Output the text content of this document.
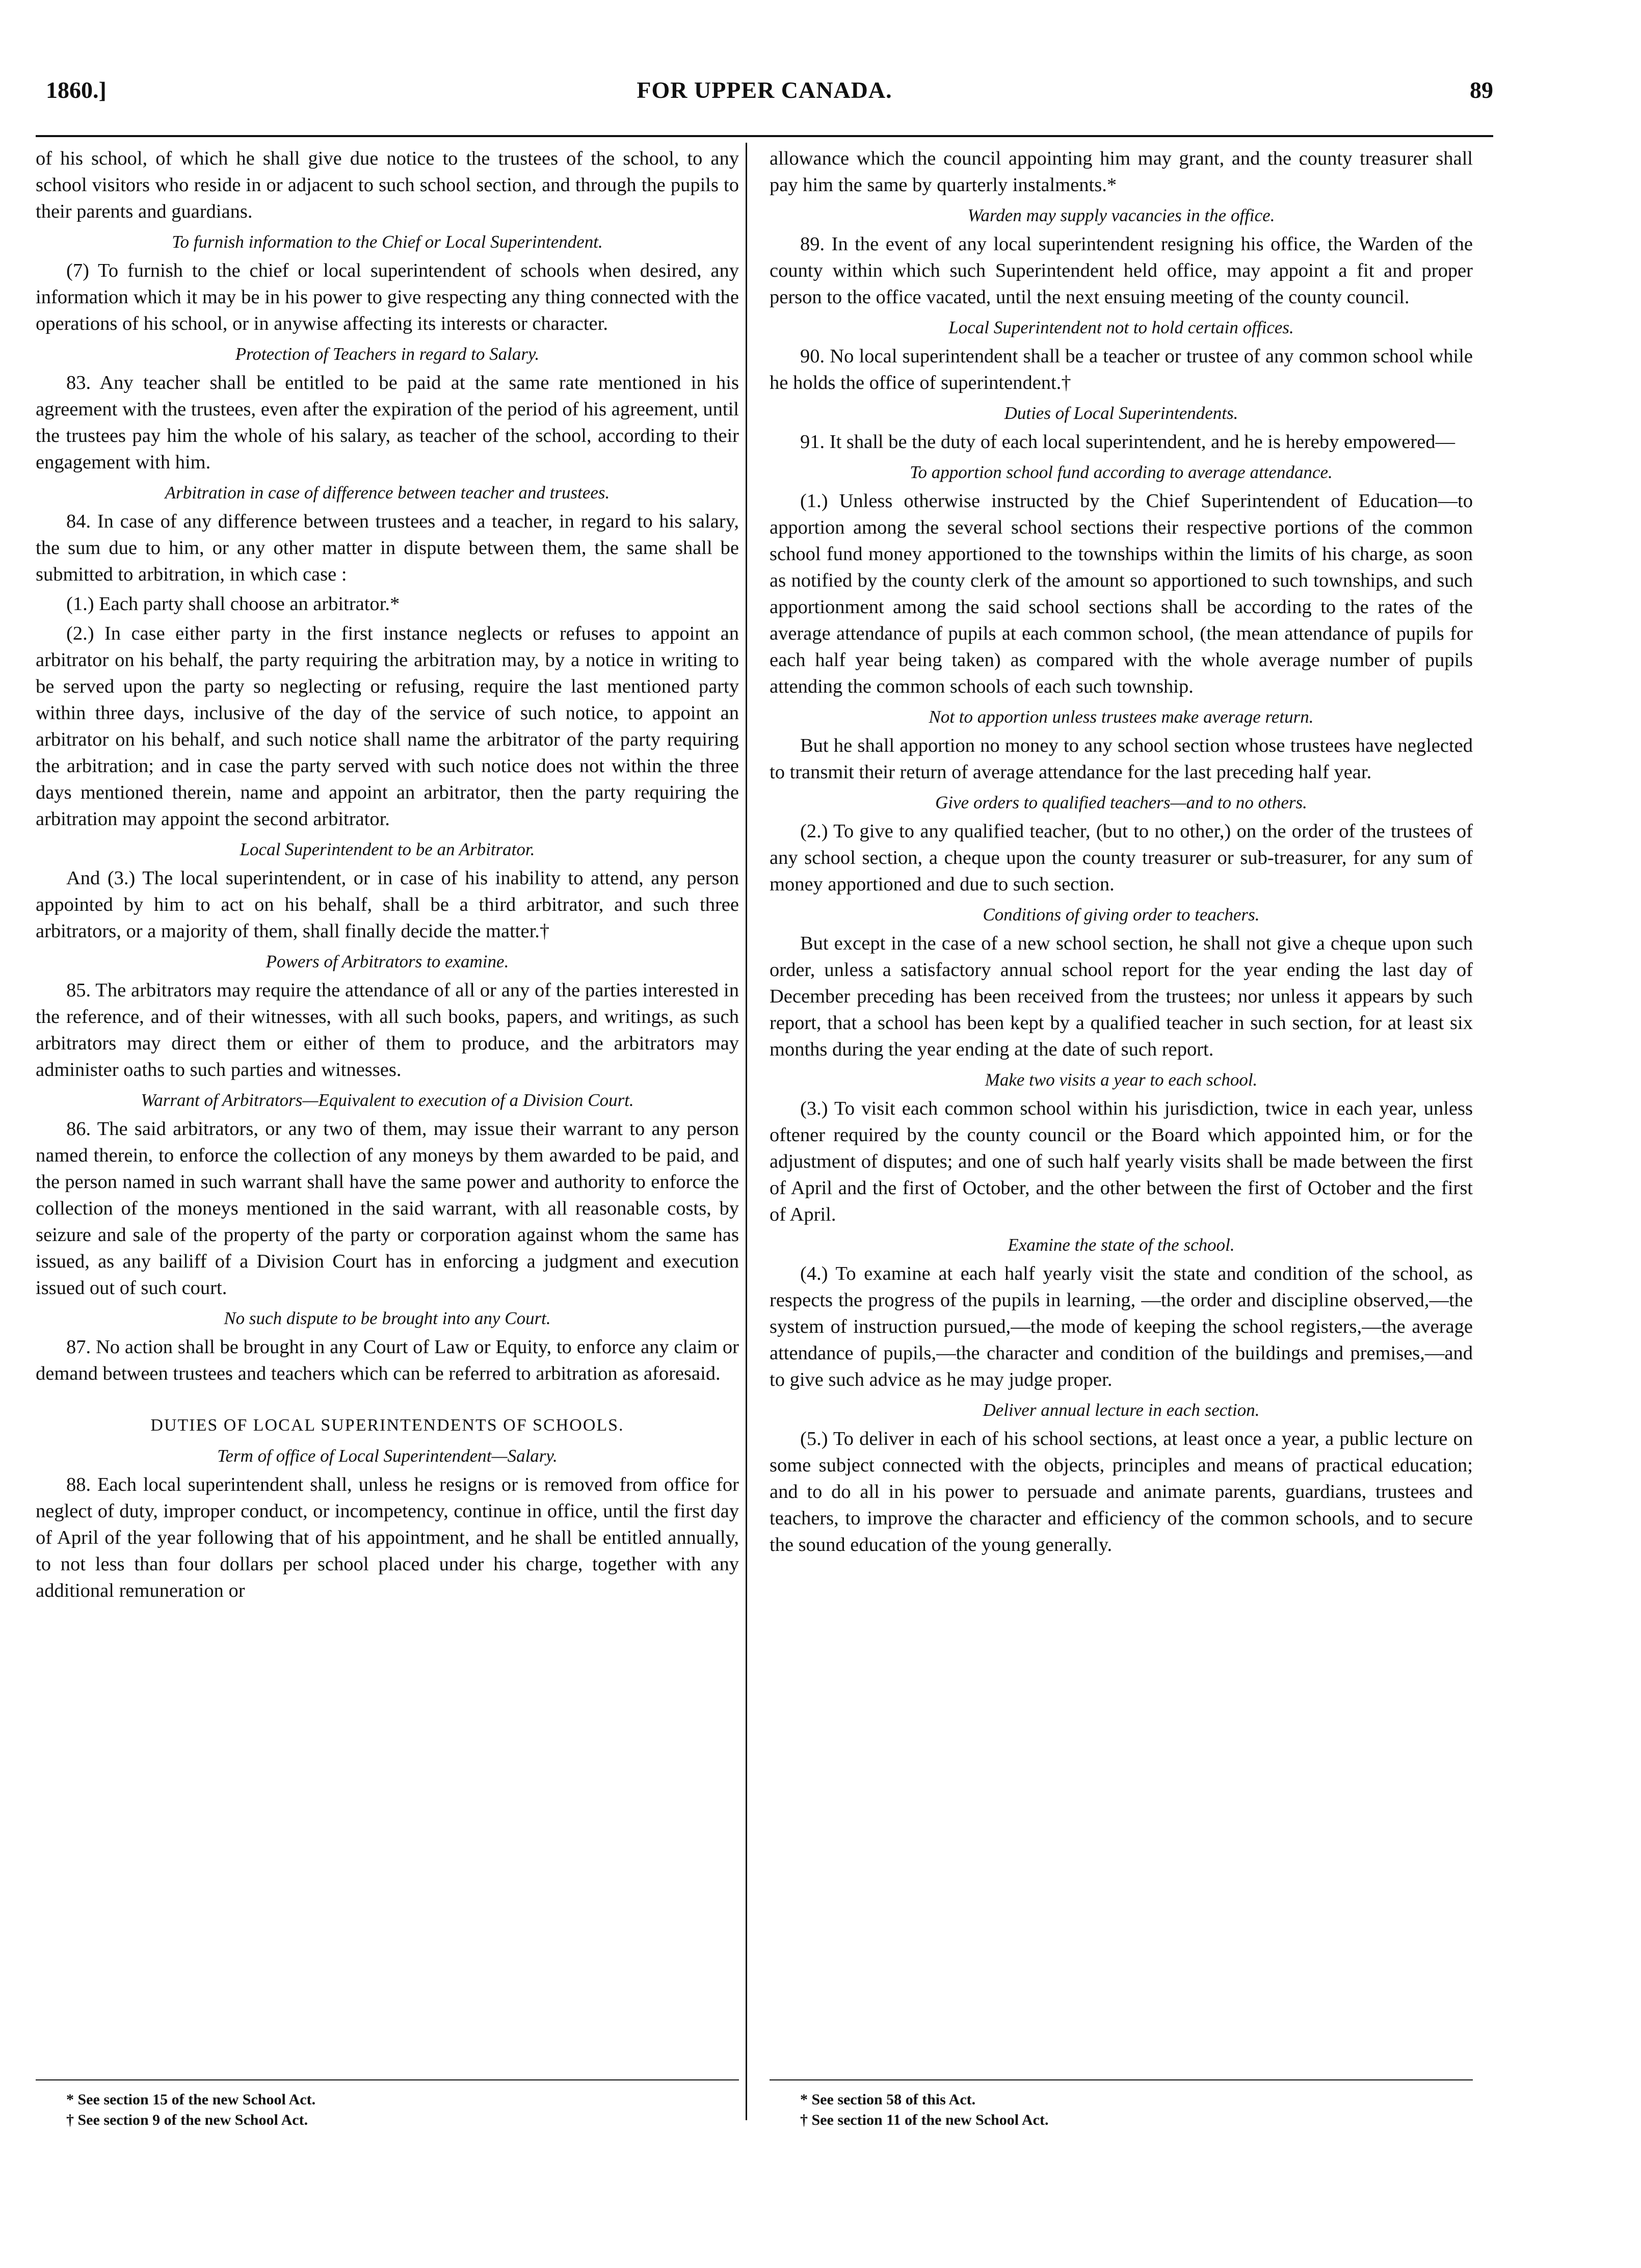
1860.]	FOR UPPER CANADA.	89

of his school, of which he shall give due notice to the trustees of the school, to any school visitors who reside in or adjacent to such school section, and through the pupils to their parents and guardians.

To furnish information to the Chief or Local Superintendent.

(7) To furnish to the chief or local superintendent of schools when desired, any information which it may be in his power to give respecting any thing connected with the operations of his school, or in anywise affecting its interests or character.

Protection of Teachers in regard to Salary.

83. Any teacher shall be entitled to be paid at the same rate mentioned in his agreement with the trustees, even after the expiration of the period of his agreement, until the trustees pay him the whole of his salary, as teacher of the school, according to their engagement with him.

Arbitration in case of difference between teacher and trustees.

84. In case of any difference between trustees and a teacher, in regard to his salary, the sum due to him, or any other matter in dispute between them, the same shall be submitted to arbitration, in which case :

(1.) Each party shall choose an arbitrator.*

(2.) In case either party in the first instance neglects or refuses to appoint an arbitrator on his behalf, the party requiring the arbitration may, by a notice in writing to be served upon the party so neglecting or refusing, require the last mentioned party within three days, inclusive of the day of the service of such notice, to appoint an arbitrator on his behalf, and such notice shall name the arbitrator of the party requiring the arbitration; and in case the party served with such notice does not within the three days mentioned therein, name and appoint an arbitrator, then the party requiring the arbitration may appoint the second arbitrator.

Local Superintendent to be an Arbitrator.

And (3.) The local superintendent, or in case of his inability to attend, any person appointed by him to act on his behalf, shall be a third arbitrator, and such three arbitrators, or a majority of them, shall finally decide the matter.†

Powers of Arbitrators to examine.

85. The arbitrators may require the attendance of all or any of the parties interested in the reference, and of their witnesses, with all such books, papers, and writings, as such arbitrators may direct them or either of them to produce, and the arbitrators may administer oaths to such parties and witnesses.

Warrant of Arbitrators—Equivalent to execution of a Division Court.

86. The said arbitrators, or any two of them, may issue their warrant to any person named therein, to enforce the collection of any moneys by them awarded to be paid, and the person named in such warrant shall have the same power and authority to enforce the collection of the moneys mentioned in the said warrant, with all reasonable costs, by seizure and sale of the property of the party or corporation against whom the same has issued, as any bailiff of a Division Court has in enforcing a judgment and execution issued out of such court.

No such dispute to be brought into any Court.

87. No action shall be brought in any Court of Law or Equity, to enforce any claim or demand between trustees and teachers which can be referred to arbitration as aforesaid.

DUTIES OF LOCAL SUPERINTENDENTS OF SCHOOLS.

Term of office of Local Superintendent—Salary.

88. Each local superintendent shall, unless he resigns or is removed from office for neglect of duty, improper conduct, or incompetency, continue in office, until the first day of April of the year following that of his appointment, and he shall be entitled annually, to not less than four dollars per school placed under his charge, together with any additional remuneration or

allowance which the council appointing him may grant, and the county treasurer shall pay him the same by quarterly instalments.*

Warden may supply vacancies in the office.

89. In the event of any local superintendent resigning his office, the Warden of the county within which such Superintendent held office, may appoint a fit and proper person to the office vacated, until the next ensuing meeting of the county council.

Local Superintendent not to hold certain offices.

90. No local superintendent shall be a teacher or trustee of any common school while he holds the office of superintendent.†

Duties of Local Superintendents.

91. It shall be the duty of each local superintendent, and he is hereby empowered—

To apportion school fund according to average attendance.

(1.) Unless otherwise instructed by the Chief Superintendent of Education—to apportion among the several school sections their respective portions of the common school fund money apportioned to the townships within the limits of his charge, as soon as notified by the county clerk of the amount so apportioned to such townships, and such apportionment among the said school sections shall be according to the rates of the average attendance of pupils at each common school, (the mean attendance of pupils for each half year being taken) as compared with the whole average number of pupils attending the common schools of each such township.

Not to apportion unless trustees make average return.

But he shall apportion no money to any school section whose trustees have neglected to transmit their return of average attendance for the last preceding half year.

Give orders to qualified teachers—and to no others.

(2.) To give to any qualified teacher, (but to no other,) on the order of the trustees of any school section, a cheque upon the county treasurer or sub-treasurer, for any sum of money apportioned and due to such section.

Conditions of giving order to teachers.

But except in the case of a new school section, he shall not give a cheque upon such order, unless a satisfactory annual school report for the year ending the last day of December preceding has been received from the trustees; nor unless it appears by such report, that a school has been kept by a qualified teacher in such section, for at least six months during the year ending at the date of such report.

Make two visits a year to each school.

(3.) To visit each common school within his jurisdiction, twice in each year, unless oftener required by the county council or the Board which appointed him, or for the adjustment of disputes; and one of such half yearly visits shall be made between the first of April and the first of October, and the other between the first of October and the first of April.

Examine the state of the school.

(4.) To examine at each half yearly visit the state and condition of the school, as respects the progress of the pupils in learning, —the order and discipline observed,—the system of instruction pursued,—the mode of keeping the school registers,—the average attendance of pupils,—the character and condition of the buildings and premises,—and to give such advice as he may judge proper.

Deliver annual lecture in each section.

(5.) To deliver in each of his school sections, at least once a year, a public lecture on some subject connected with the objects, principles and means of practical education; and to do all in his power to persuade and animate parents, guardians, trustees and teachers, to improve the character and efficiency of the common schools, and to secure the sound education of the young generally.

* See section 15 of the new School Act.
† See section 9 of the new School Act.
* See section 58 of this Act.
† See section 11 of the new School Act.
